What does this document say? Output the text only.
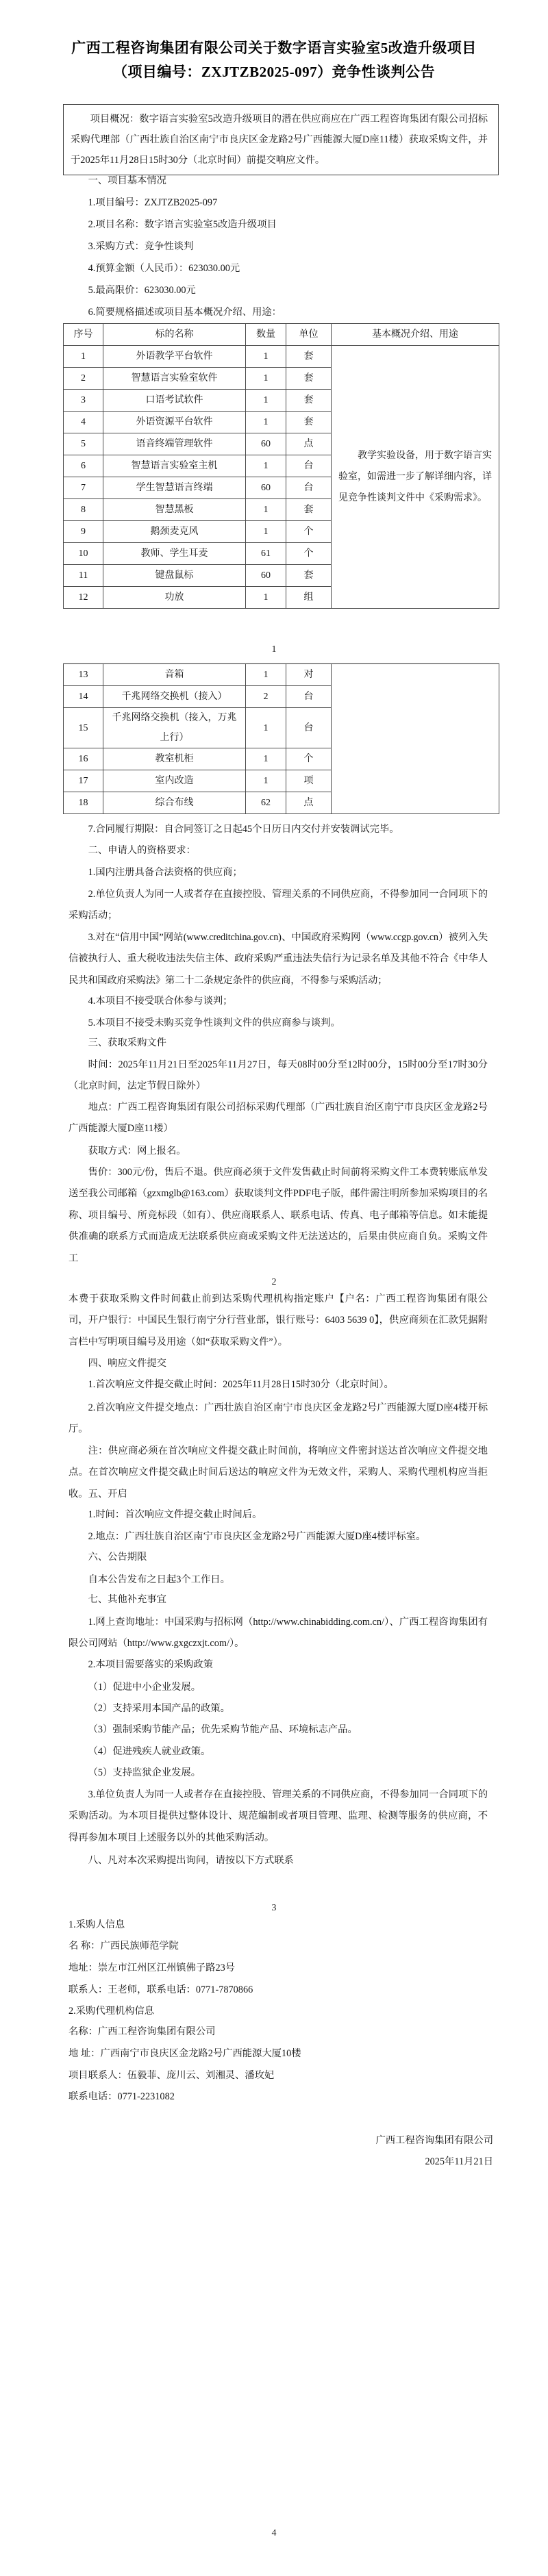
广西工程咨询集团有限公司关于数字语言实验室5改造升级项目
（项目编号：ZXJTZB2025-097）竞争性谈判公告

项目概况：数字语言实验室5改造升级项目的潜在供应商应在广西工程咨询集团有限公司招标采购代理部（广西壮族自治区南宁市良庆区金龙路2号广西能源大厦D座11楼）获取采购文件，并于2025年11月28日15时30分（北京时间）前提交响应文件。

一、项目基本情况

1.项目编号：ZXJTZB2025-097

2.项目名称：数字语言实验室5改造升级项目

3.采购方式：竞争性谈判

4.预算金额（人民币）：623030.00元

5.最高限价：623030.00元

6.简要规格描述或项目基本概况介绍、用途：

序号	标的名称	数量	单位	基本概况介绍、用途
1	外语教学平台软件	1	套	教学实验设备，用于数字语言实验室，如需进一步了解详细内容，详见竞争性谈判文件中《采购需求》。

2	智慧语言实验室软件	1	套	
3	口语考试软件	1	套	
4	外语资源平台软件	1	套	
5	语音终端管理软件	60	点	
6	智慧语言实验室主机	1	台	
7	学生智慧语言终端	60	台	
8	智慧黑板	1	套	
9	鹅颈麦克风	1	个	
10	教师、学生耳麦	61	个	
11	键盘鼠标	60	套	
12	功放	1	组	
1
13	音箱	1	对	

14	千兆网络交换机（接入）	2	台	
15	千兆网络交换机（接入，万兆上行）	1	台	
16	教室机柜	1	个	
17	室内改造	1	项	
18	综合布线	62	点	

7.合同履行期限：自合同签订之日起45个日历日内交付并安装调试完毕。

二、申请人的资格要求：

1.国内注册具备合法资格的供应商；

2.单位负责人为同一人或者存在直接控股、管理关系的不同供应商，不得参加同一合同项下的采购活动；

3.对在“信用中国”网站(www.creditchina.gov.cn)、中国政府采购网（www.ccgp.gov.cn）被列入失信被执行人、重大税收违法失信主体、政府采购严重违法失信行为记录名单及其他不符合《中华人民共和国政府采购法》第二十二条规定条件的供应商，不得参与采购活动；

4.本项目不接受联合体参与谈判；

5.本项目不接受未购买竞争性谈判文件的供应商参与谈判。

三、获取采购文件

时间：2025年11月21日至2025年11月27日，每天08时00分至12时00分，15时00分至17时30分（北京时间，法定节假日除外）

地点：广西工程咨询集团有限公司招标采购代理部（广西壮族自治区南宁市良庆区金龙路2号广西能源大厦D座11楼）

获取方式：网上报名。

售价：300元/份，售后不退。供应商必须于文件发售截止时间前将采购文件工本费转账底单发送至我公司邮箱（gzxmglb@163.com）获取谈判文件PDF电子版，邮件需注明所参加采购项目的名称、项目编号、所竞标段（如有）、供应商联系人、联系电话、传真、电子邮箱等信息。如未能提供准确的联系方式而造成无法联系供应商或采购文件无法送达的，后果由供应商自负。采购文件工

2

本费于获取采购文件时间截止前到达采购代理机构指定账户【户名：广西工程咨询集团有限公司，开户银行：中国民生银行南宁分行营业部，银行账号：6403 5639 0】，供应商须在汇款凭据附言栏中写明项目编号及用途（如“获取采购文件”）。

四、响应文件提交

1.首次响应文件提交截止时间：2025年11月28日15时30分（北京时间）。

2.首次响应文件提交地点：广西壮族自治区南宁市良庆区金龙路2号广西能源大厦D座4楼开标厅。

注：供应商必须在首次响应文件提交截止时间前，将响应文件密封送达首次响应文件提交地点。在首次响应文件提交截止时间后送达的响应文件为无效文件，采购人、采购代理机构应当拒收。 五、开启

1.时间：首次响应文件提交截止时间后。

2.地点：广西壮族自治区南宁市良庆区金龙路2号广西能源大厦D座4楼评标室。

六、公告期限

自本公告发布之日起3个工作日。

七、其他补充事宜

1.网上查询地址：中国采购与招标网（http://www.chinabidding.com.cn/）、广西工程咨询集团有限公司网站（http://www.gxgczxjt.com/）。

2.本项目需要落实的采购政策

（1）促进中小企业发展。

（2）支持采用本国产品的政策。

（3）强制采购节能产品；优先采购节能产品、环境标志产品。

（4）促进残疾人就业政策。

（5）支持监狱企业发展。

3.单位负责人为同一人或者存在直接控股、管理关系的不同供应商，不得参加同一合同项下的采购活动。为本项目提供过整体设计、规范编制或者项目管理、监理、检测等服务的供应商，不得再参加本项目上述服务以外的其他采购活动。

八、凡对本次采购提出询问，请按以下方式联系

3

1.采购人信息

名 称：广西民族师范学院

地址：崇左市江州区江州镇佛子路23号

联系人：王老师，联系电话：0771-7870866

2.采购代理机构信息

名称：广西工程咨询集团有限公司

地 址：广西南宁市良庆区金龙路2号广西能源大厦10楼

项目联系人：伍毅菲、庞川云、刘湘灵、潘玫妃

联系电话：0771-2231082

广西工程咨询集团有限公司

2025年11月21日

4
